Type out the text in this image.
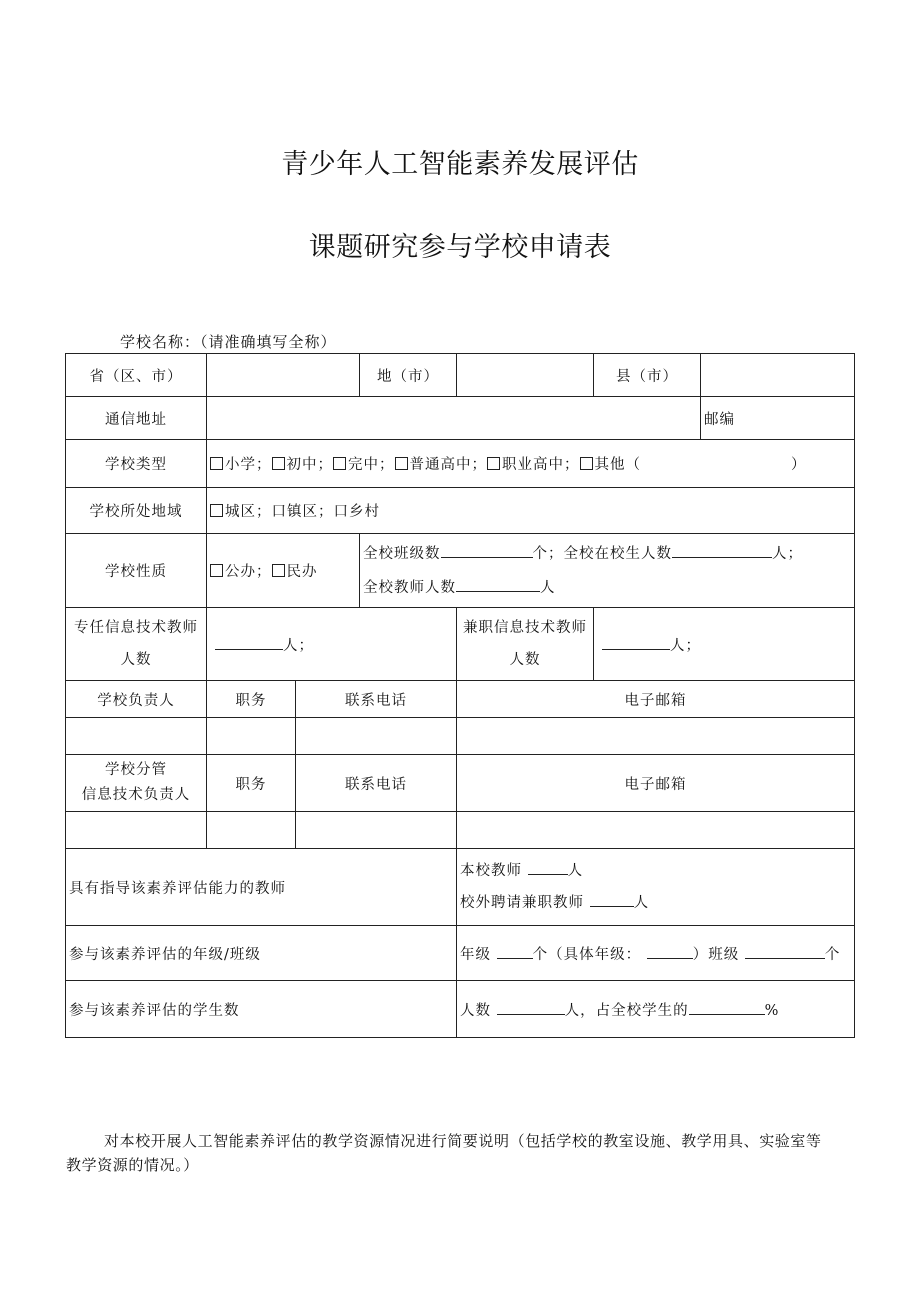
青少年人工智能素养发展评估
课题研究参与学校申请表
学校名称：（请准确填写全称）
省（区、市）			地（市）		县（市）	
通信地址						邮编
学校类型	小学； 初中； 完中； 普通高中； 职业高中； 其他（ ）					
学校所处地域	城区；口镇区；口乡村					
学校性质	公办； 民办		全校班级数 个；全校在校生人数 人；
全校教师人数 人			
专任信息技术教师人数	人；			兼职信息技术教师人数	人；	
学校负责人	职务	联系电话		电子邮箱		

学校分管
信息技术负责人	职务	联系电话		电子邮箱		

具有指导该素养评估能力的教师				本校教师 人
校外聘请兼职教师 人		

参与该素养评估的年级/班级				年级 个（具体年级： ）班级 个		
参与该素养评估的学生数				人数 人，占全校学生的 %		
对本校开展人工智能素养评估的教学资源情况进行简要说明（包括学校的教室设施、教学用具、实验室等教学资源的情况。）
